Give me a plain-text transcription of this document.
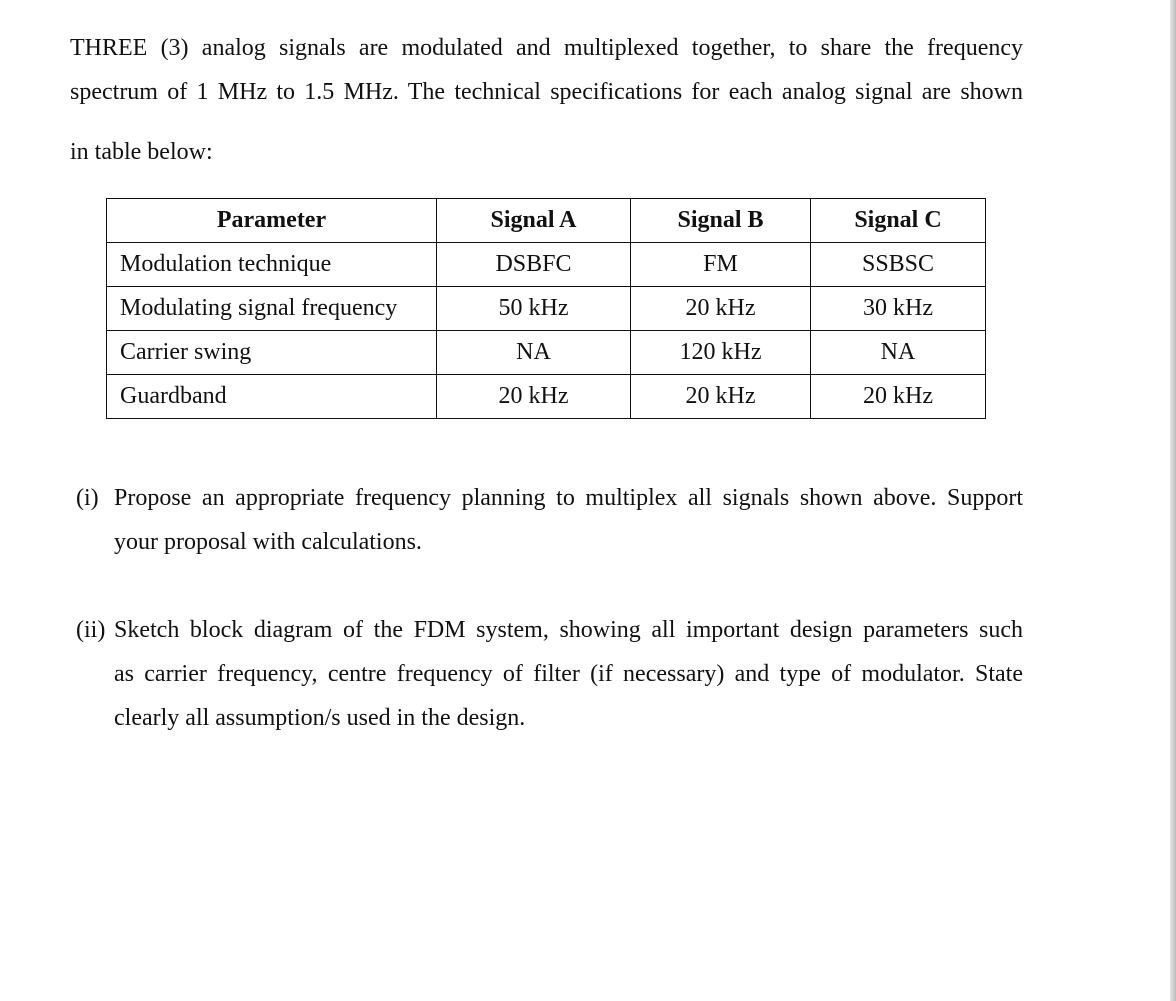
THREE (3) analog signals are modulated and multiplexed together, to share the frequency
spectrum of 1 MHz to 1.5 MHz. The technical specifications for each analog signal are shown
in table below:
Parameter	Signal A	Signal B	Signal C
Modulation technique	DSBFC	FM	SSBSC
Modulating signal frequency	50 kHz	20 kHz	30 kHz
Carrier swing	NA	120 kHz	NA
Guardband	20 kHz	20 kHz	20 kHz
(i) Propose an appropriate frequency planning to multiplex all signals shown above. Support
your proposal with calculations.
(ii) Sketch block diagram of the FDM system, showing all important design parameters such
as carrier frequency, centre frequency of filter (if necessary) and type of modulator. State
clearly all assumption/s used in the design.
